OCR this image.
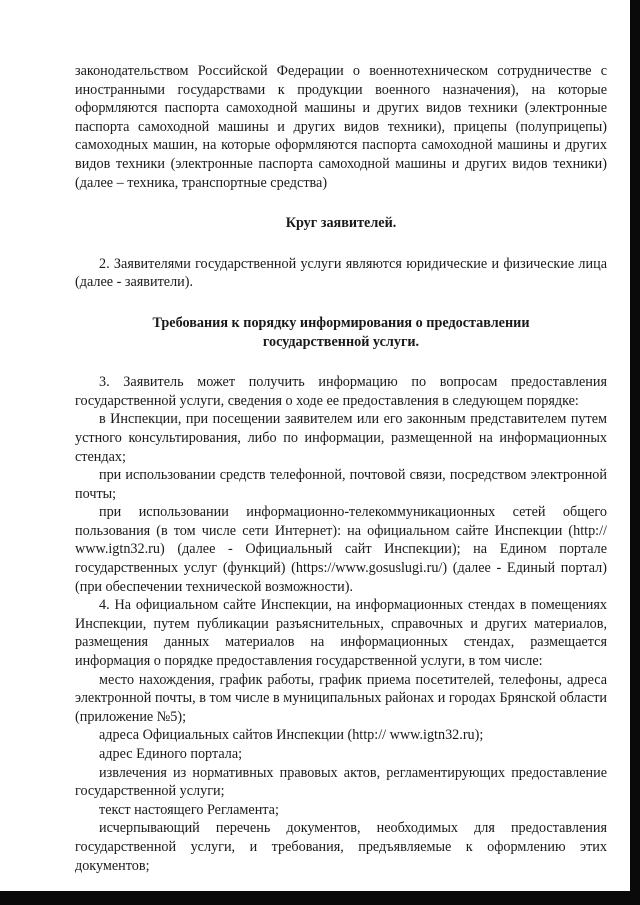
законодательством Российской Федерации о военнотехническом сотрудничестве с иностранными государствами к продукции военного назначения), на которые оформляются паспорта самоходной машины и других видов техники (электронные паспорта самоходной машины и других видов техники), прицепы (полуприцепы) самоходных машин, на которые оформляются паспорта самоходной машины и других видов техники (электронные паспорта самоходной машины и других видов техники) (далее – техника, транспортные средства)

Круг заявителей.

2. Заявителями государственной услуги являются юридические и физические лица (далее - заявители).

Требования к порядку информирования о предоставлении

государственной услуги.

3. Заявитель может получить информацию по вопросам предоставления государственной услуги, сведения о ходе ее предоставления в следующем порядке:

в Инспекции, при посещении заявителем или его законным представителем путем устного консультирования, либо по информации, размещенной на информационных стендах;

при использовании средств телефонной, почтовой связи, посредством электронной почты;

при использовании информационно-телекоммуникационных сетей общего пользования (в том числе сети Интернет): на официальном сайте Инспекции (http:// www.igtn32.ru) (далее - Официальный сайт Инспекции); на Едином портале государственных услуг (функций) (https://www.gosuslugi.ru/) (далее - Единый портал) (при обеспечении технической возможности).

4. На официальном сайте Инспекции, на информационных стендах в помещениях Инспекции, путем публикации разъяснительных, справочных и других материалов, размещения данных материалов на информационных стендах, размещается информация о порядке предоставления государственной услуги, в том числе:

место нахождения, график работы, график приема посетителей, телефоны, адреса электронной почты, в том числе в муниципальных районах и городах Брянской области (приложение №5);

адреса Официальных сайтов Инспекции (http:// www.igtn32.ru);

адрес Единого портала;

извлечения из нормативных правовых актов, регламентирующих предоставление государственной услуги;

текст настоящего Регламента;

исчерпывающий перечень документов, необходимых для предоставления государственной услуги, и требования, предъявляемые к оформлению этих документов;
